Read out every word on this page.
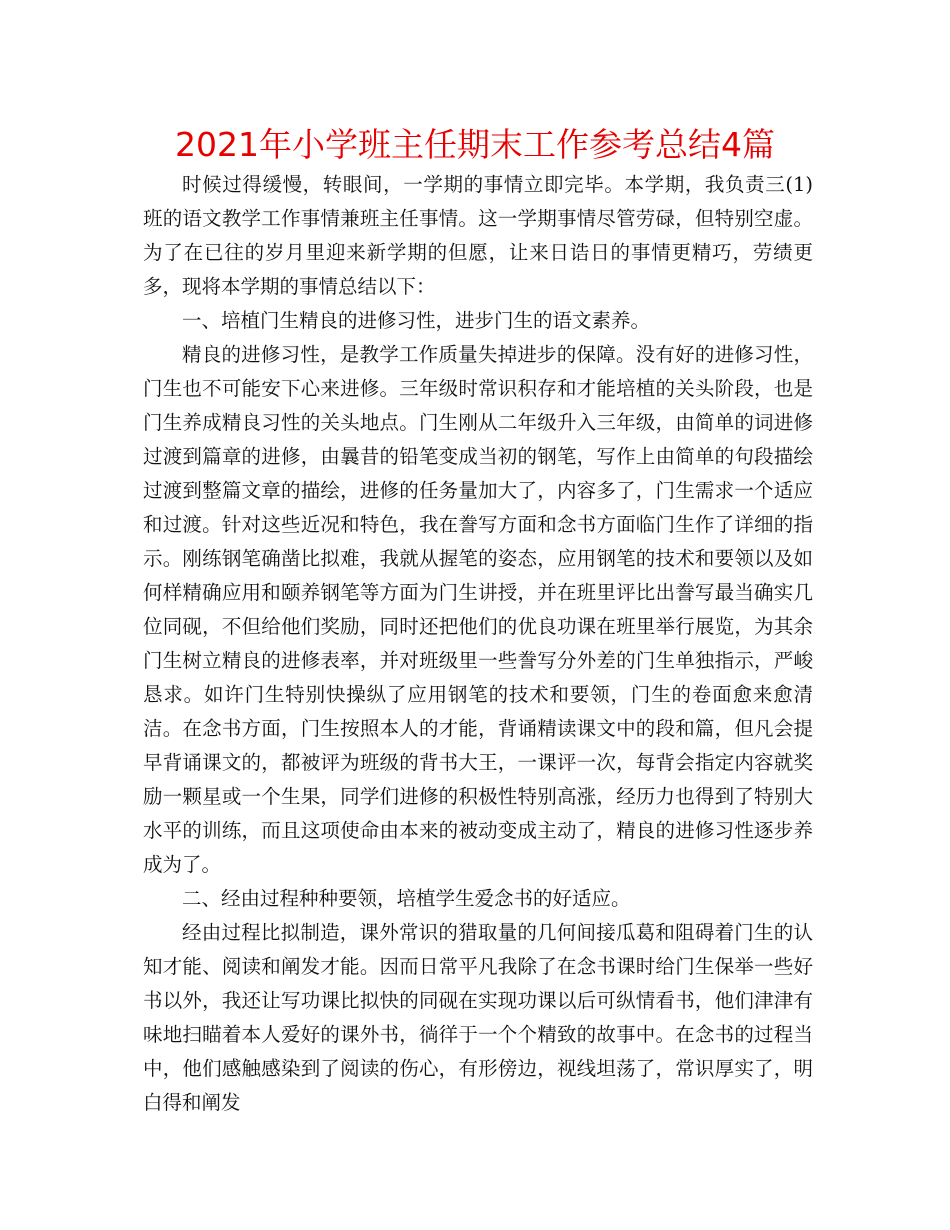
2021年小学班主任期末工作参考总结4篇

时候过得缓慢，转眼间，一学期的事情立即完毕。本学期，我负责三(1)班的语文教学工作事情兼班主任事情。这一学期事情尽管劳碌，但特别空虚。为了在已往的岁月里迎来新学期的但愿，让来日诰日的事情更精巧，劳绩更多，现将本学期的事情总结以下：

一、培植门生精良的进修习性，进步门生的语文素养。

精良的进修习性，是教学工作质量失掉进步的保障。没有好的进修习性，门生也不可能安下心来进修。三年级时常识积存和才能培植的关头阶段，也是门生养成精良习性的关头地点。门生刚从二年级升入三年级，由简单的词进修过渡到篇章的进修，由曩昔的铅笔变成当初的钢笔，写作上由简单的句段描绘过渡到整篇文章的描绘，进修的任务量加大了，内容多了，门生需求一个适应和过渡。针对这些近况和特色，我在誊写方面和念书方面临门生作了详细的指示。刚练钢笔确凿比拟难，我就从握笔的姿态，应用钢笔的技术和要领以及如何样精确应用和颐养钢笔等方面为门生讲授，并在班里评比出誊写最当确实几位同砚，不但给他们奖励，同时还把他们的优良功课在班里举行展览，为其余门生树立精良的进修表率，并对班级里一些誊写分外差的门生单独指示，严峻恳求。如许门生特别快操纵了应用钢笔的技术和要领，门生的卷面愈来愈清洁。在念书方面，门生按照本人的才能，背诵精读课文中的段和篇，但凡会提早背诵课文的，都被评为班级的背书大王，一课评一次，每背会指定内容就奖励一颗星或一个生果，同学们进修的积极性特别高涨，经历力也得到了特别大水平的训练，而且这项使命由本来的被动变成主动了，精良的进修习性逐步养成为了。

二、经由过程种种要领，培植学生爱念书的好适应。

经由过程比拟制造，课外常识的猎取量的几何间接瓜葛和阻碍着门生的认知才能、阅读和阐发才能。因而日常平凡我除了在念书课时给门生保举一些好书以外，我还让写功课比拟快的同砚在实现功课以后可纵情看书，他们津津有味地扫瞄着本人爱好的课外书，徜徉于一个个精致的故事中。在念书的过程当中，他们感触感染到了阅读的伤心，有形傍边，视线坦荡了，常识厚实了，明白得和阐发
